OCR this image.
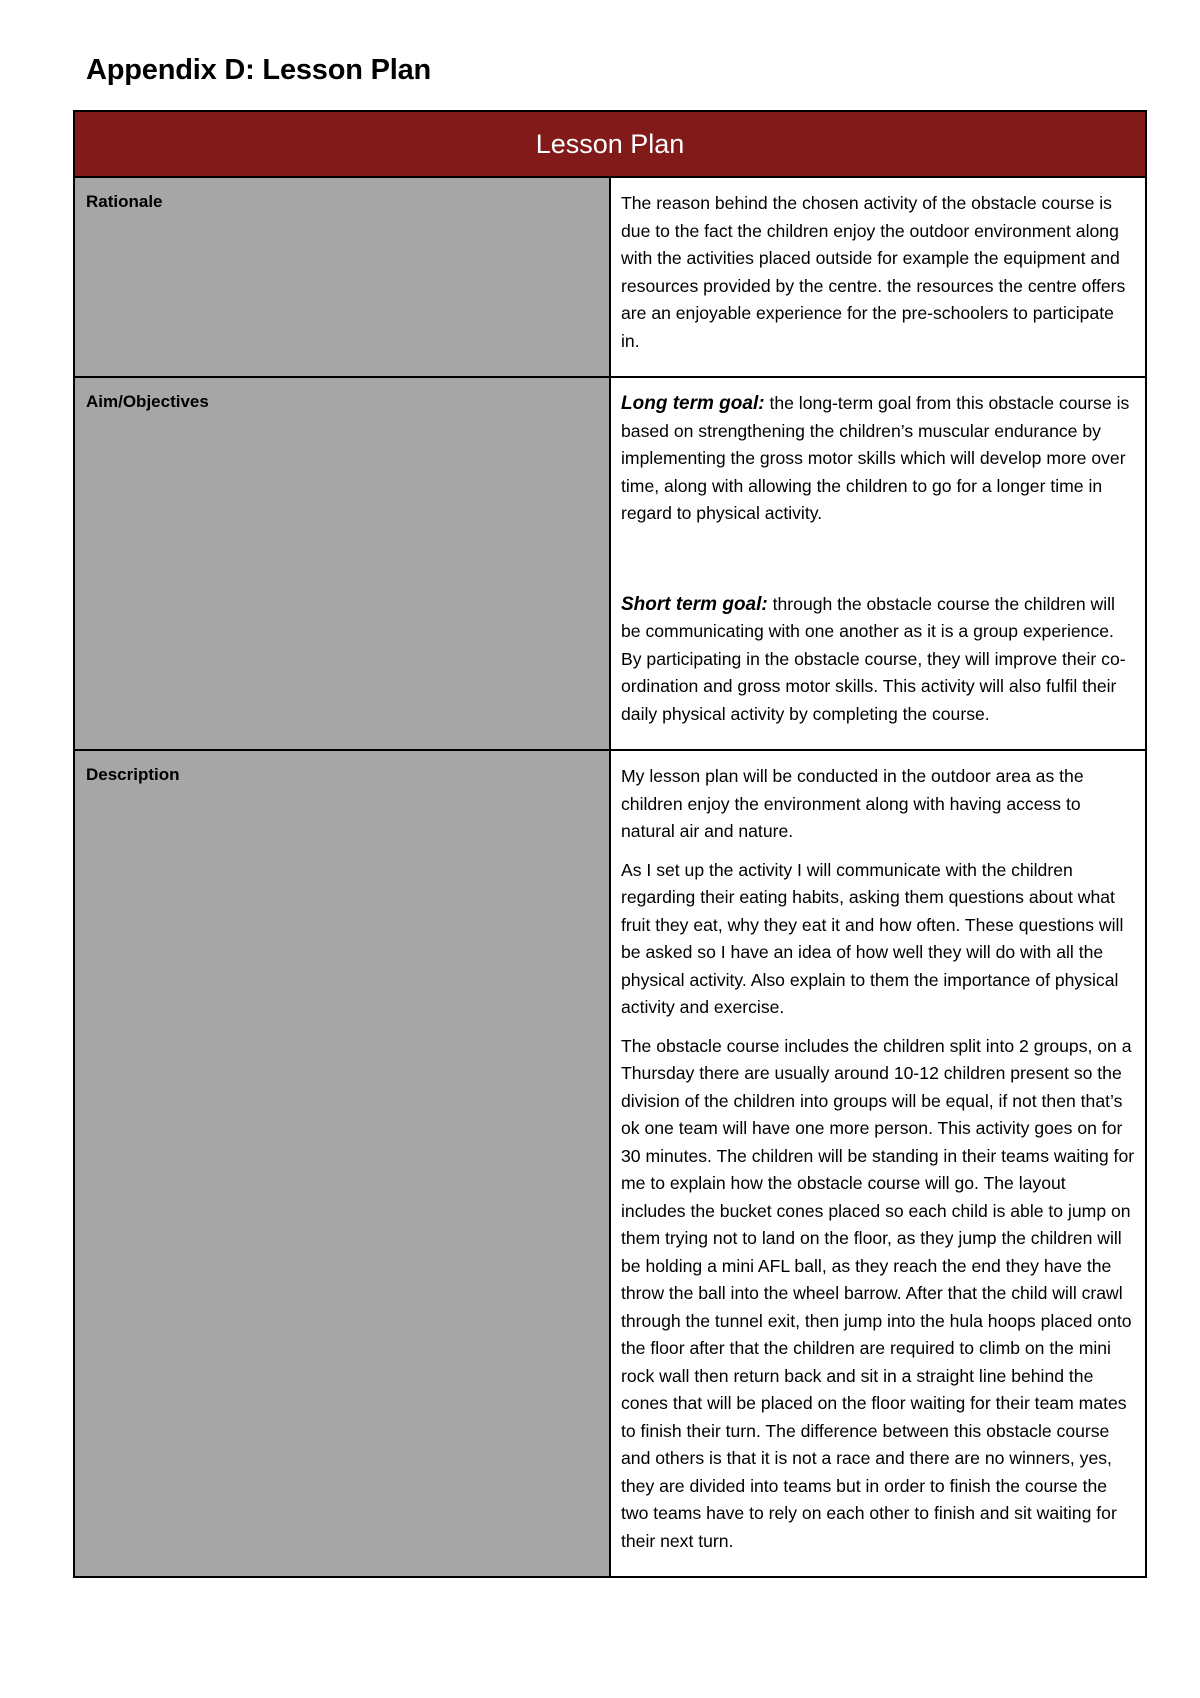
Appendix D: Lesson Plan
Lesson Plan	
Rationale	The reason behind the chosen activity of the obstacle course is due to the fact the children enjoy the outdoor environment along with the activities placed outside for example the equipment and resources provided by the centre. the resources the centre offers are an enjoyable experience for the pre-schoolers to participate in.

Aim/Objectives	Long term goal: the long-term goal from this obstacle course is based on strengthening the children’s muscular endurance by implementing the gross motor skills which will develop more over time, along with allowing the children to go for a longer time in regard to physical activity.

Short term goal: through the obstacle course the children will be communicating with one another as it is a group experience. By participating in the obstacle course, they will improve their co-ordination and gross motor skills. This activity will also fulfil their daily physical activity by completing the course.

Description	My lesson plan will be conducted in the outdoor area as the children enjoy the environment along with having access to natural air and nature.

As I set up the activity I will communicate with the children regarding their eating habits, asking them questions about what fruit they eat, why they eat it and how often. These questions will be asked so I have an idea of how well they will do with all the physical activity. Also explain to them the importance of physical activity and exercise.

The obstacle course includes the children split into 2 groups, on a Thursday there are usually around 10-12 children present so the division of the children into groups will be equal, if not then that’s ok one team will have one more person. This activity goes on for 30 minutes. The children will be standing in their teams waiting for me to explain how the obstacle course will go. The layout includes the bucket cones placed so each child is able to jump on them trying not to land on the floor, as they jump the children will be holding a mini AFL ball, as they reach the end they have the throw the ball into the wheel barrow. After that the child will crawl through the tunnel exit, then jump into the hula hoops placed onto the floor after that the children are required to climb on the mini rock wall then return back and sit in a straight line behind the cones that will be placed on the floor waiting for their team mates to finish their turn. The difference between this obstacle course and others is that it is not a race and there are no winners, yes, they are divided into teams but in order to finish the course the two teams have to rely on each other to finish and sit waiting for their next turn.
